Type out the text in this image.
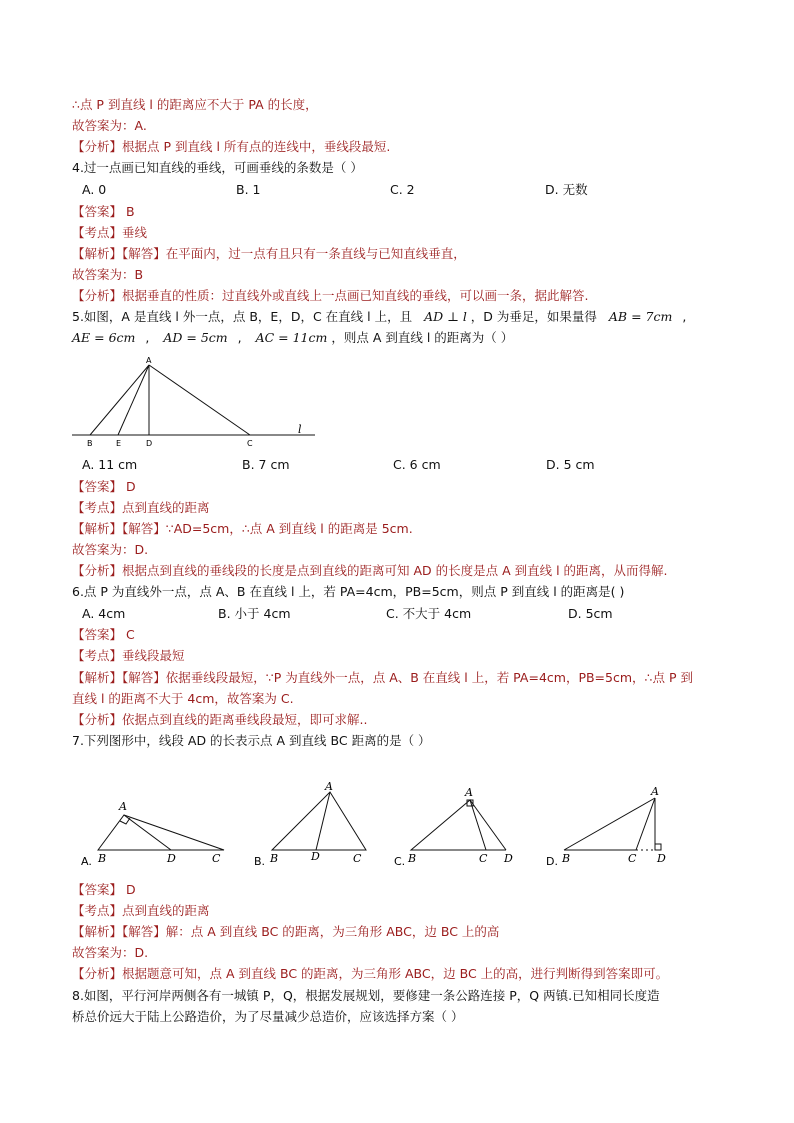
∴点 P 到直线 l 的距离应不大于 PA 的长度，
故答案为：A.
【分析】根据点 P 到直线 l 所有点的连线中，垂线段最短.
4.过一点画已知直线的垂线，可画垂线的条数是（ ）
A. 0	B. 1	C. 2	D. 无数
【答案】 B
【考点】垂线
【解析】【解答】在平面内，过一点有且只有一条直线与已知直线垂直，
故答案为：B
【分析】根据垂直的性质：过直线外或直线上一点画已知直线的垂线，可以画一条，据此解答.
5.如图，A 是直线 l 外一点，点 B，E，D，C 在直线 l 上，且 AD ⊥ l ，D 为垂足，如果量得 AB = 7cm ,
AE = 6cm , AD = 5cm , AC = 11cm ，则点 A 到直线 l 的距离为（ ）
A
B	E	D	C
l
A. 11 cm	B. 7 cm	C. 6 cm	D. 5 cm
【答案】 D
【考点】点到直线的距离
【解析】【解答】∵AD=5cm，∴点 A 到直线 l 的距离是 5cm.
故答案为：D.
【分析】根据点到直线的垂线段的长度是点到直线的距离可知 AD 的长度是点 A 到直线 l 的距离，从而得解.
6.点 P 为直线外一点，点 A、B 在直线 l 上，若 PA=4cm，PB=5cm，则点 P 到直线 l 的距离是( )
A. 4cm	B. 小于 4cm	C. 不大于 4cm	D. 5cm
【答案】 C
【考点】垂线段最短
【解析】【解答】依据垂线段最短，∵P 为直线外一点，点 A、B 在直线 l 上，若 PA=4cm，PB=5cm，∴点 P 到
直线 l 的距离不大于 4cm，故答案为 C.
【分析】依据点到直线的距离垂线段最短，即可求解..
7.下列图形中，线段 AD 的长表示点 A 到直线 BC 距离的是（ ）
A.
A
B	D	C	B.
A
B	D	C	C.
A
B	C D	D.
A
B	C D
【答案】 D
【考点】点到直线的距离
【解析】【解答】解：点 A 到直线 BC 的距离，为三角形 ABC，边 BC 上的高
故答案为：D.
【分析】根据题意可知，点 A 到直线 BC 的距离，为三角形 ABC，边 BC 上的高，进行判断得到答案即可。
8.如图，平行河岸两侧各有一城镇 P，Q，根据发展规划，要修建一条公路连接 P，Q 两镇.已知相同长度造
桥总价远大于陆上公路造价，为了尽量减少总造价，应该选择方案（ ）
